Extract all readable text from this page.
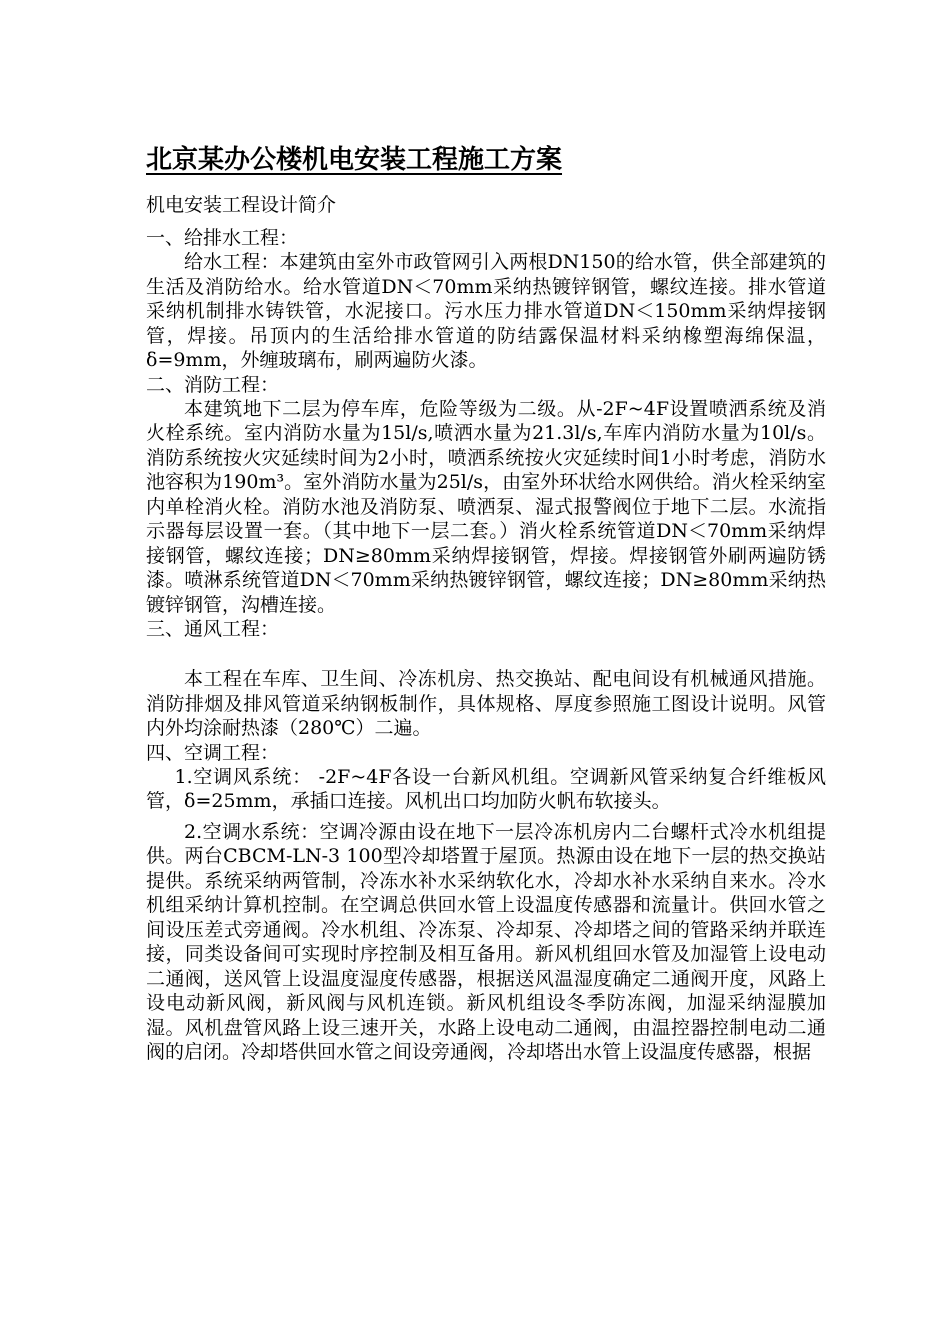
北京某办公楼机电安装工程施工方案

机电安装工程设计简介

一、给排水工程：

给水工程：本建筑由室外市政管网引入两根DN150的给水管，供全部建筑的生活及消防给水。给水管道DN＜70mm采纳热镀锌钢管，螺纹连接。排水管道采纳机制排水铸铁管，水泥接口。污水压力排水管道DN＜150mm采纳焊接钢管，焊接。吊顶内的生活给排水管道的防结露保温材料采纳橡塑海绵保温，δ=9mm，外缠玻璃布，刷两遍防火漆。

二、消防工程：

本建筑地下二层为停车库，危险等级为二级。从-2F~4F设置喷洒系统及消火栓系统。室内消防水量为15l/s,喷洒水量为21.3l/s,车库内消防水量为10l/s。消防系统按火灾延续时间为2小时，喷洒系统按火灾延续时间1小时考虑，消防水池容积为190m³。室外消防水量为25l/s，由室外环状给水网供给。消火栓采纳室内单栓消火栓。消防水池及消防泵、喷洒泵、湿式报警阀位于地下二层。水流指示器每层设置一套。（其中地下一层二套。）消火栓系统管道DN＜70mm采纳焊接钢管，螺纹连接；DN≥80mm采纳焊接钢管，焊接。焊接钢管外刷两遍防锈漆。喷淋系统管道DN＜70mm采纳热镀锌钢管，螺纹连接；DN≥80mm采纳热镀锌钢管，沟槽连接。

三、通风工程：

本工程在车库、卫生间、冷冻机房、热交换站、配电间设有机械通风措施。消防排烟及排风管道采纳钢板制作，具体规格、厚度参照施工图设计说明。风管内外均涂耐热漆（280℃）二遍。

四、空调工程：

1.空调风系统： -2F~4F各设一台新风机组。空调新风管采纳复合纤维板风管，δ=25mm，承插口连接。风机出口均加防火帆布软接头。

2.空调水系统：空调冷源由设在地下一层冷冻机房内二台螺杆式冷水机组提供。两台CBCM-LN-3 100型冷却塔置于屋顶。热源由设在地下一层的热交换站提供。系统采纳两管制，冷冻水补水采纳软化水，冷却水补水采纳自来水。冷水机组采纳计算机控制。在空调总供回水管上设温度传感器和流量计。供回水管之间设压差式旁通阀。冷水机组、冷冻泵、冷却泵、冷却塔之间的管路采纳并联连接，同类设备间可实现时序控制及相互备用。新风机组回水管及加湿管上设电动二通阀，送风管上设温度湿度传感器，根据送风温湿度确定二通阀开度，风路上设电动新风阀，新风阀与风机连锁。新风机组设冬季防冻阀，加湿采纳湿膜加湿。风机盘管风路上设三速开关，水路上设电动二通阀，由温控器控制电动二通阀的启闭。冷却塔供回水管之间设旁通阀，冷却塔出水管上设温度传感器，根据
